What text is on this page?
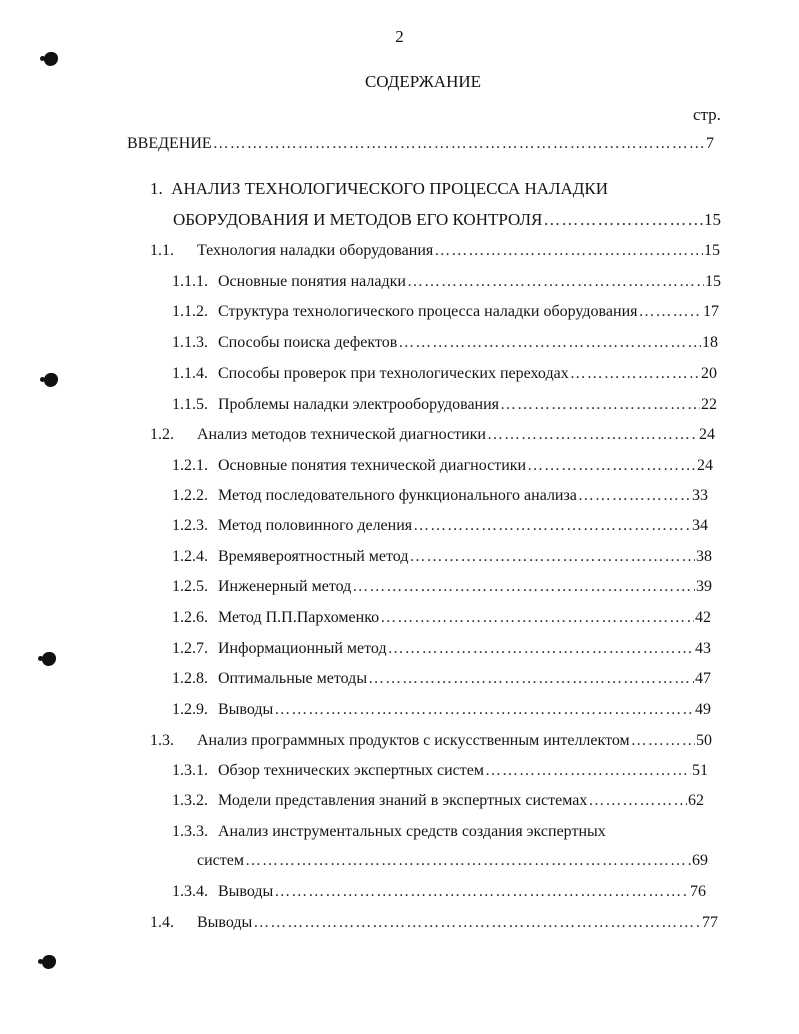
2
СОДЕРЖАНИЕ
стр.
ВВЕДЕНИЕ ……………………………………………………………………………………………………………………………………………	7
1. АНАЛИЗ ТЕХНОЛОГИЧЕСКОГО ПРОЦЕССА НАЛАДКИ
ОБОРУДОВАНИЯ И МЕТОДОВ ЕГО КОНТРОЛЯ ……………………………………………………………………………………………………………………………………………	15
1.1.	Технология наладки оборудования ……………………………………………………………………………………………………………………………………………	15
1.1.1. Основные понятия наладки ……………………………………………………………………………………………………………………………………………	15
1.1.2. Структура технологического процесса наладки оборудования ……………………………………………………………………………………………………………………………………………	17
1.1.3. Способы поиска дефектов ……………………………………………………………………………………………………………………………………………	18
1.1.4. Способы проверок при технологических переходах ……………………………………………………………………………………………………………………………………………	20
1.1.5. Проблемы наладки электрооборудования ……………………………………………………………………………………………………………………………………………	22
1.2.	Анализ методов технической диагностики ……………………………………………………………………………………………………………………………………………	24
1.2.1. Основные понятия технической диагностики ……………………………………………………………………………………………………………………………………………	24
1.2.2. Метод последовательного функционального анализа ……………………………………………………………………………………………………………………………………………	33
1.2.3. Метод половинного деления ……………………………………………………………………………………………………………………………………………	34
1.2.4. Времявероятностный метод ……………………………………………………………………………………………………………………………………………	38
1.2.5. Инженерный метод ……………………………………………………………………………………………………………………………………………	39
1.2.6. Метод П.П.Пархоменко ……………………………………………………………………………………………………………………………………………	42
1.2.7. Информационный метод ……………………………………………………………………………………………………………………………………………	43
1.2.8. Оптимальные методы ……………………………………………………………………………………………………………………………………………	47
1.2.9. Выводы ……………………………………………………………………………………………………………………………………………	49
1.3.	Анализ программных продуктов с искусственным интеллектом ……………………………………………………………………………………………………………………………………………	50
1.3.1. Обзор технических экспертных систем ……………………………………………………………………………………………………………………………………………	51
1.3.2. Модели представления знаний в экспертных системах ……………………………………………………………………………………………………………………………………………	62
1.3.3. Анализ инструментальных средств создания экспертных
систем ……………………………………………………………………………………………………………………………………………	69
1.3.4. Выводы ……………………………………………………………………………………………………………………………………………	76
1.4.	Выводы ……………………………………………………………………………………………………………………………………………	77
